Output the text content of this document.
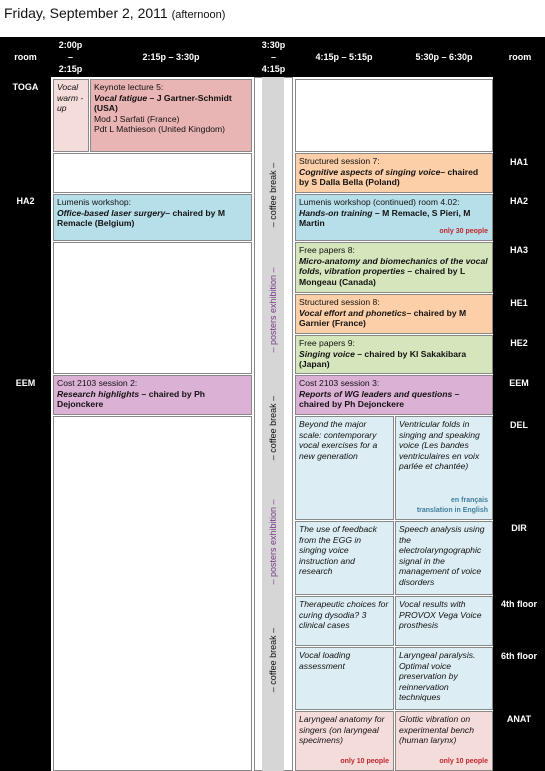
Friday, September 2, 2011 (afternoon)
room
2:00p
–
2:15p
2:15p – 3:30p
3:30p
–
4:15p
4:15p – 5:15p	5:30p – 6:30p	room
TOGA
HA2
EEM
HA1
HA2
HA3
HE1
HE2
EEM
DEL
DIR
4th floor
6th floor
ANAT
– coffee break –
– posters exhibition –
– coffee break –
– posters exhibition –
– coffee break –
Vocal warm -up
Keynote lecture 5:
Vocal fatigue – J Gartner-Schmidt (USA)
Mod J Sarfati (France)
Pdt L Mathieson (United Kingdom)
Lumenis workshop:
Office-based laser surgery– chaired by M Remacle (Belgium)
Cost 2103 session 2:
Research highlights – chaired by Ph Dejonckere
Structured session 7:
Cognitive aspects of singing voice– chaired by S Dalla Bella (Poland)
Lumenis workshop (continued) room 4.02:
Hands-on training – M Remacle, S Pieri, M Martin
only 30 people
Free papers 8:
Micro-anatomy and biomechanics of the vocal folds, vibration properties – chaired by L Mongeau (Canada)
Structured session 8:
Vocal effort and phonetics– chaired by M Garnier (France)
Free papers 9:
Singing voice – chaired by Kl Sakakibara (Japan)
Cost 2103 session 3:
Reports of WG leaders and questions – chaired by Ph Dejonckere
Beyond the major scale: contemporary vocal exercises for a new generation
Ventricular folds in singing and speaking voice (Les bandes ventriculaires en voix parlée et chantée)
en français
translation in English
The use of feedback from the EGG in singing voice instruction and research
Speech analysis using the electrolaryngographic signal in the management of voice disorders
Therapeutic choices for curing dysodia? 3 clinical cases
Vocal results with PROVOX Vega Voice prosthesis
Vocal loading assessment
Laryngeal paralysis. Optimal voice preservation by reinnervation techniques
Laryngeal anatomy for singers (on laryngeal specimens)
only 10 people
Glottic vibration on experimental bench (human larynx)
only 10 people
